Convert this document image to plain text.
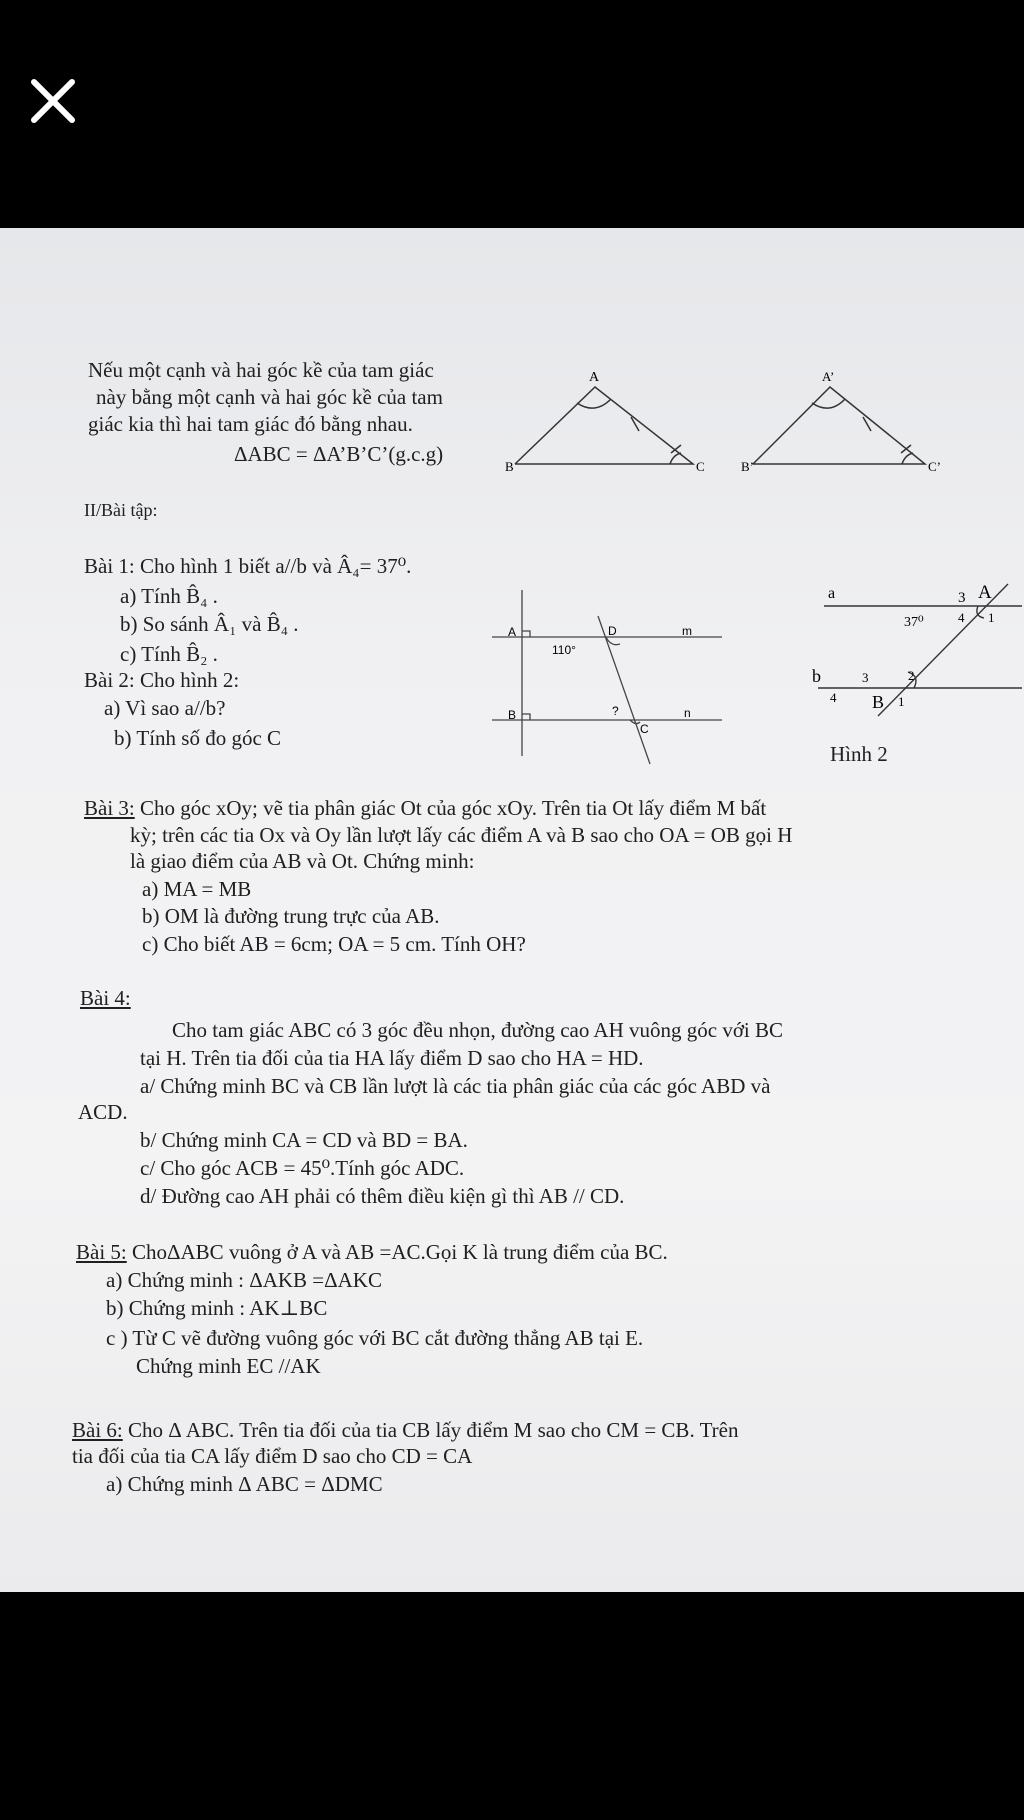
Nếu một cạnh và hai góc kề của tam giác
này bằng một cạnh và hai góc kề của tam
giác kia thì hai tam giác đó bằng nhau.
ΔABC = ΔA’B’C’(g.c.g)
A
B	C
A’
B’	C’
II/Bài tập:
Bài 1: Cho hình 1 biết a//b và Â₄= 37⁰.
a) Tính B̂₄ .
b) So sánh Â₁ và B̂₄ .
c) Tính B̂₂ .
Bài 2: Cho hình 2:
a) Vì sao a//b?
b) Tính số đo góc C
A	D	m
110°
B	?	n
C
a	3 A
37⁰	4 1
b	3	2
4 B 1
Hình 2
Bài 3: Cho góc xOy; vẽ tia phân giác Ot của góc xOy. Trên tia Ot lấy điểm M bất
kỳ; trên các tia Ox và Oy lần lượt lấy các điểm A và B sao cho OA = OB gọi H
là giao điểm của AB và Ot. Chứng minh:
a) MA = MB
b) OM là đường trung trực của AB.
c) Cho biết AB = 6cm; OA = 5 cm. Tính OH?
Bài 4:
Cho tam giác ABC có 3 góc đều nhọn, đường cao AH vuông góc với BC
tại H. Trên tia đối của tia HA lấy điểm D sao cho HA = HD.
a/ Chứng minh BC và CB lần lượt là các tia phân giác của các góc ABD và
ACD.
b/ Chứng minh CA = CD và BD = BA.
c/ Cho góc ACB = 45⁰.Tính góc ADC.
d/ Đường cao AH phải có thêm điều kiện gì thì AB // CD.
Bài 5: ChoΔABC vuông ở A và AB =AC.Gọi K là trung điểm của BC.
a) Chứng minh : ΔAKB =ΔAKC
b) Chứng minh : AK⊥BC
c ) Từ C vẽ đường vuông góc với BC cắt đường thẳng AB tại E.
Chứng minh EC //AK
Bài 6: Cho Δ ABC. Trên tia đối của tia CB lấy điểm M sao cho CM = CB. Trên
tia đối của tia CA lấy điểm D sao cho CD = CA
a) Chứng minh Δ ABC = ΔDMC
